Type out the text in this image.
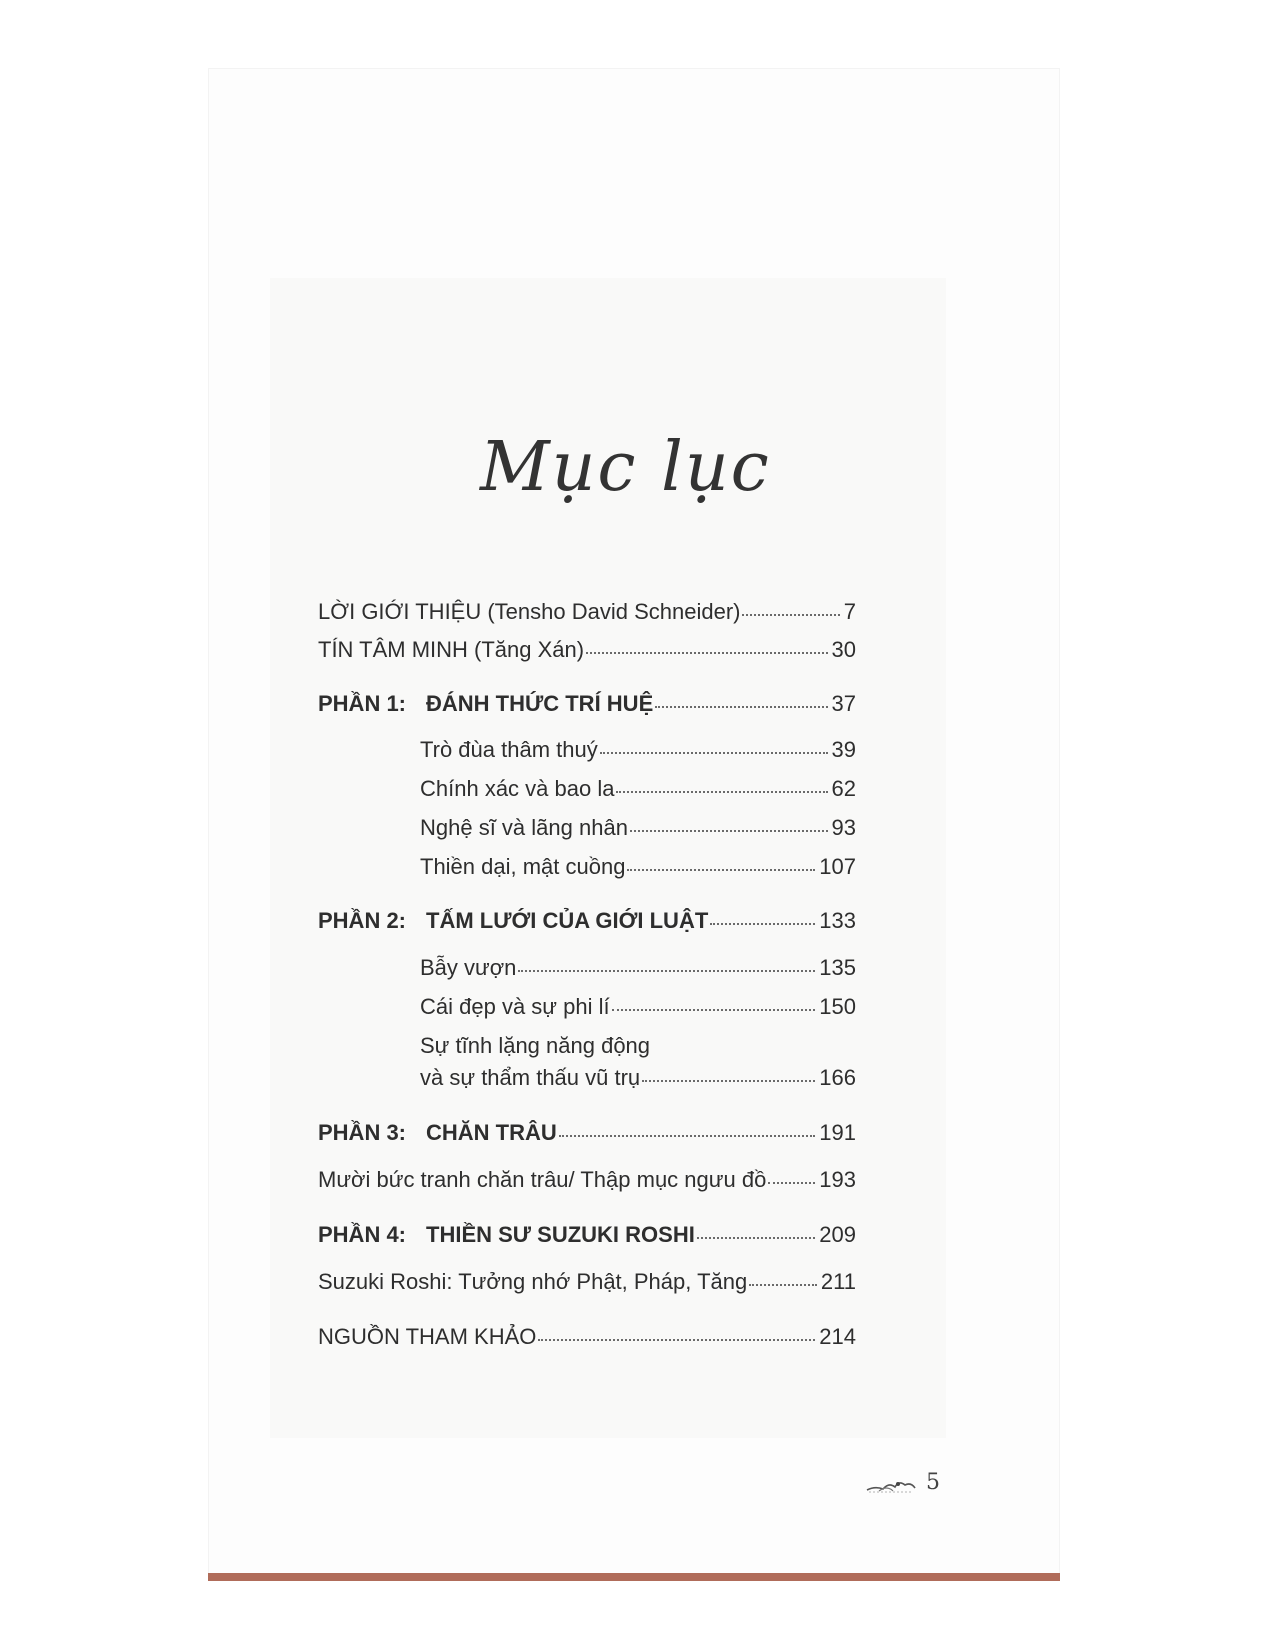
Mục lục
LỜI GIỚI THIỆU (Tensho David Schneider)	7
TÍN TÂM MINH (Tăng Xán)	30
PHẦN 1: ĐÁNH THỨC TRÍ HUỆ	37
Trò đùa thâm thuý	39
Chính xác và bao la	62
Nghệ sĩ và lãng nhân	93
Thiền dại, mật cuồng	107
PHẦN 2: TẤM LƯỚI CỦA GIỚI LUẬT	133
Bẫy vượn	135
Cái đẹp và sự phi lí	150
Sự tĩnh lặng năng động
và sự thẩm thấu vũ trụ	166
PHẦN 3: CHĂN TRÂU	191
Mười bức tranh chăn trâu/ Thập mục ngưu đồ 193
PHẦN 4: THIỀN SƯ SUZUKI ROSHI	209
Suzuki Roshi: Tưởng nhớ Phật, Pháp, Tăng	211
NGUỒN THAM KHẢO	214
5
